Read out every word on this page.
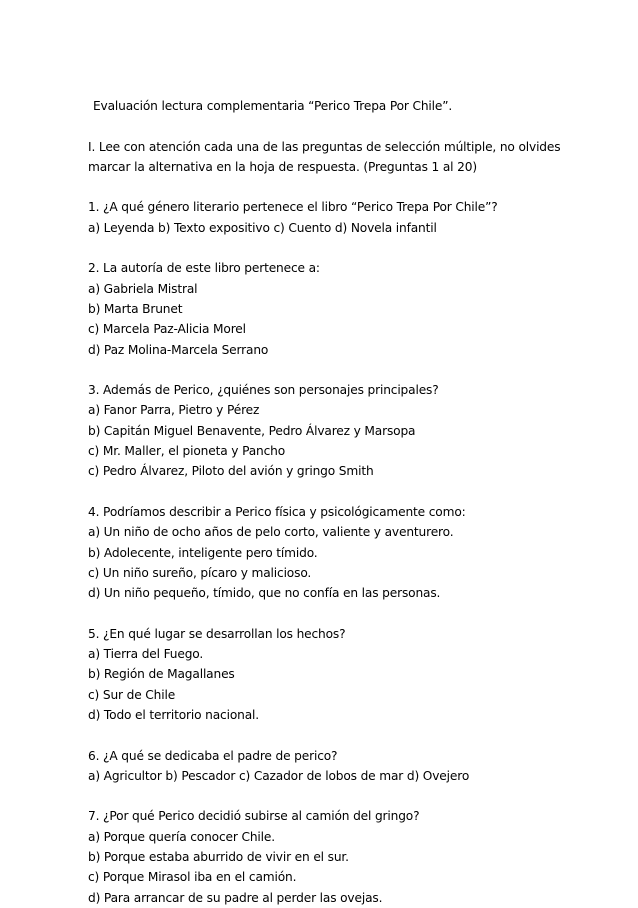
Evaluación lectura complementaria “Perico Trepa Por Chile”.
I. Lee con atención cada una de las preguntas de selección múltiple, no olvides
marcar la alternativa en la hoja de respuesta. (Preguntas 1 al 20)
1. ¿A qué género literario pertenece el libro “Perico Trepa Por Chile”?
a) Leyenda b) Texto expositivo c) Cuento d) Novela infantil
2. La autoría de este libro pertenece a:
a) Gabriela Mistral
b) Marta Brunet
c) Marcela Paz-Alicia Morel
d) Paz Molina-Marcela Serrano
3. Además de Perico, ¿quiénes son personajes principales?
a) Fanor Parra, Pietro y Pérez
b) Capitán Miguel Benavente, Pedro Álvarez y Marsopa
c) Mr. Maller, el pioneta y Pancho
c) Pedro Álvarez, Piloto del avión y gringo Smith
4. Podríamos describir a Perico física y psicológicamente como:
a) Un niño de ocho años de pelo corto, valiente y aventurero.
b) Adolecente, inteligente pero tímido.
c) Un niño sureño, pícaro y malicioso.
d) Un niño pequeño, tímido, que no confía en las personas.
5. ¿En qué lugar se desarrollan los hechos?
a) Tierra del Fuego.
b) Región de Magallanes
c) Sur de Chile
d) Todo el territorio nacional.
6. ¿A qué se dedicaba el padre de perico?
a) Agricultor b) Pescador c) Cazador de lobos de mar d) Ovejero
7. ¿Por qué Perico decidió subirse al camión del gringo?
a) Porque quería conocer Chile.
b) Porque estaba aburrido de vivir en el sur.
c) Porque Mirasol iba en el camión.
d) Para arrancar de su padre al perder las ovejas.
